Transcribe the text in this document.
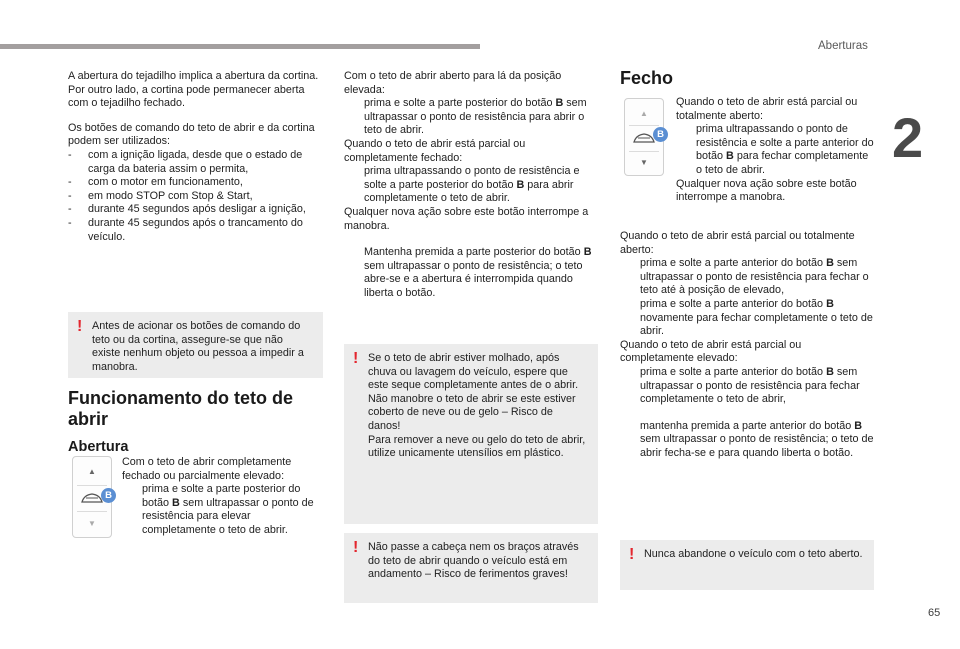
Aberturas
2
65

A abertura do tejadilho implica a abertura da cortina. Por outro lado, a cortina pode permanecer aberta com o tejadilho fechado.

Os botões de comando do teto de abrir e da cortina podem ser utilizados:

- com a ignição ligada, desde que o estado de carga da bateria assim o permita,
- com o motor em funcionamento,
- em modo STOP com Stop & Start,
- durante 45 segundos após desligar a ignição,
- durante 45 segundos após o trancamento do veículo.
! Antes de acionar os botões de comando do teto ou da cortina, assegure-se que não existe nenhum objeto ou pessoa a impedir a manobra.

Funcionamento do teto de abrir
Abertura
▲
▼
B

Com o teto de abrir completamente fechado ou parcialmente elevado:

prima e solte a parte posterior do botão B sem ultrapassar o ponto de resistência para elevar completamente o teto de abrir.

Com o teto de abrir aberto para lá da posição elevada:

prima e solte a parte posterior do botão B sem ultrapassar o ponto de resistência para abrir o teto de abrir.

Quando o teto de abrir está parcial ou completamente fechado:

prima ultrapassando o ponto de resistência e solte a parte posterior do botão B para abrir completamente o teto de abrir.

Qualquer nova ação sobre este botão interrompe a manobra.

Mantenha premida a parte posterior do botão B sem ultrapassar o ponto de resistência; o teto abre-se e a abertura é interrompida quando liberta o botão.
! Se o teto de abrir estiver molhado, após chuva ou lavagem do veículo, espere que este seque completamente antes de o abrir. Não manobre o teto de abrir se este estiver coberto de neve ou de gelo – Risco de danos!

Para remover a neve ou gelo do teto de abrir, utilize unicamente utensílios em plástico.

! Não passe a cabeça nem os braços através do teto de abrir quando o veículo está em andamento – Risco de ferimentos graves!

Fecho
▲
▼
B

Quando o teto de abrir está parcial ou totalmente aberto:

prima ultrapassando o ponto de resistência e solte a parte anterior do botão B para fechar completamente o teto de abrir.

Qualquer nova ação sobre este botão interrompe a manobra.

Quando o teto de abrir está parcial ou totalmente aberto:

prima e solte a parte anterior do botão B sem ultrapassar o ponto de resistência para fechar o teto até à posição de elevado,
prima e solte a parte anterior do botão B novamente para fechar completamente o teto de abrir.

Quando o teto de abrir está parcial ou completamente elevado:

prima e solte a parte anterior do botão B sem ultrapassar o ponto de resistência para fechar completamente o teto de abrir,
mantenha premida a parte anterior do botão B sem ultrapassar o ponto de resistência; o teto de abrir fecha-se e para quando liberta o botão.
! Nunca abandone o veículo com o teto aberto.
